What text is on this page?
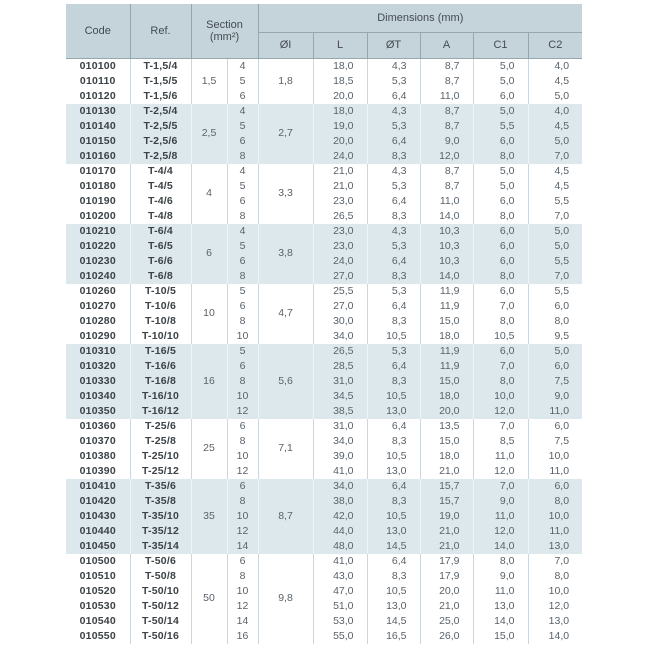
Code	Ref.	Section
(mm²)		Dimensions (mm)					
				ØI	L	ØT	A	C1	C2
010100	T-1,5/4	1,5	4	1,8	18,0	4,3	8,7	5,0	4,0
010110	T-1,5/5		5		18,5	5,3	8,7	5,0	4,5
010120	T-1,5/6		6		20,0	6,4	11,0	6,0	5,0
010130	T-2,5/4	2,5	4	2,7	18,0	4,3	8,7	5,0	4,0
010140	T-2,5/5		5		19,0	5,3	8,7	5,5	4,5
010150	T-2,5/6		6		20,0	6,4	9,0	6,0	5,0
010160	T-2,5/8		8		24,0	8,3	12,0	8,0	7,0
010170	T-4/4	4	4	3,3	21,0	4,3	8,7	5,0	4,5
010180	T-4/5		5		21,0	5,3	8,7	5,0	4,5
010190	T-4/6		6		23,0	6,4	11,0	6,0	5,5
010200	T-4/8		8		26,5	8,3	14,0	8,0	7,0
010210	T-6/4	6	4	3,8	23,0	4,3	10,3	6,0	5,0
010220	T-6/5		5		23,0	5,3	10,3	6,0	5,0
010230	T-6/6		6		24,0	6,4	10,3	6,0	5,5
010240	T-6/8		8		27,0	8,3	14,0	8,0	7,0
010260	T-10/5	10	5	4,7	25,5	5,3	11,9	6,0	5,5
010270	T-10/6		6		27,0	6,4	11,9	7,0	6,0
010280	T-10/8		8		30,0	8,3	15,0	8,0	8,0
010290	T-10/10		10		34,0	10,5	18,0	10,5	9,5
010310	T-16/5	16	5	5,6	26,5	5,3	11,9	6,0	5,0
010320	T-16/6		6		28,5	6,4	11,9	7,0	6,0
010330	T-16/8		8		31,0	8,3	15,0	8,0	7,5
010340	T-16/10		10		34,5	10,5	18,0	10,0	9,0
010350	T-16/12		12		38,5	13,0	20,0	12,0	11,0
010360	T-25/6	25	6	7,1	31,0	6,4	13,5	7,0	6,0
010370	T-25/8		8		34,0	8,3	15,0	8,5	7,5
010380	T-25/10		10		39,0	10,5	18,0	11,0	10,0
010390	T-25/12		12		41,0	13,0	21,0	12,0	11,0
010410	T-35/6	35	6	8,7	34,0	6,4	15,7	7,0	6,0
010420	T-35/8		8		38,0	8,3	15,7	9,0	8,0
010430	T-35/10		10		42,0	10,5	19,0	11,0	10,0
010440	T-35/12		12		44,0	13,0	21,0	12,0	11,0
010450	T-35/14		14		48,0	14,5	21,0	14,0	13,0
010500	T-50/6	50	6	9,8	41,0	6,4	17,9	8,0	7,0
010510	T-50/8		8		43,0	8,3	17,9	9,0	8,0
010520	T-50/10		10		47,0	10,5	20,0	11,0	10,0
010530	T-50/12		12		51,0	13,0	21,0	13,0	12,0
010540	T-50/14		14		53,0	14,5	25,0	14,0	13,0
010550	T-50/16		16		55,0	16,5	26,0	15,0	14,0
